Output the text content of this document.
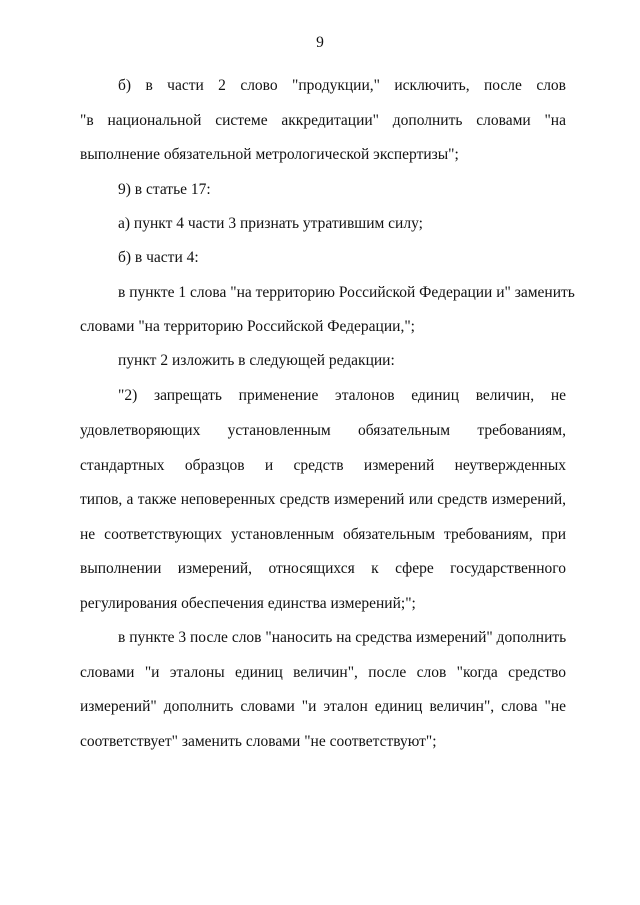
9
б) в части 2 слово "продукции," исключить, после слов
"в национальной системе аккредитации" дополнить словами "на
выполнение обязательной метрологической экспертизы";
9) в статье 17:
а) пункт 4 части 3 признать утратившим силу;
б) в части 4:
в пункте 1 слова "на территорию Российской Федерации и" заменить
словами "на территорию Российской Федерации,";
пункт 2 изложить в следующей редакции:
"2) запрещать применение эталонов единиц величин, не
удовлетворяющих установленным обязательным требованиям,
стандартных образцов и средств измерений неутвержденных
типов, а также неповеренных средств измерений или средств измерений,
не соответствующих установленным обязательным требованиям, при
выполнении измерений, относящихся к сфере государственного
регулирования обеспечения единства измерений;";
в пункте 3 после слов "наносить на средства измерений" дополнить
словами "и эталоны единиц величин", после слов "когда средство
измерений" дополнить словами "и эталон единиц величин", слова "не
соответствует" заменить словами "не соответствуют";
